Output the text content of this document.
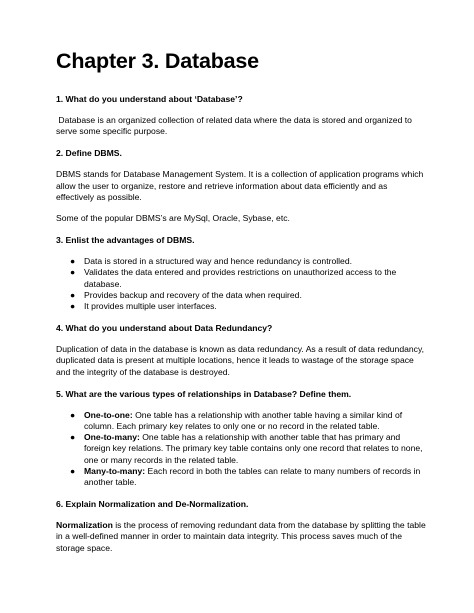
Chapter 3. Database
1. What do you understand about ‘Database’?

Database is an organized collection of related data where the data is stored and organized to serve some specific purpose.

2. Define DBMS.

DBMS stands for Database Management System. It is a collection of application programs which allow the user to organize, restore and retrieve information about data efficiently and as effectively as possible.

Some of the popular DBMS’s are MySql, Oracle, Sybase, etc.

3. Enlist the advantages of DBMS.
● Data is stored in a structured way and hence redundancy is controlled.
● Validates the data entered and provides restrictions on unauthorized access to the database.
● Provides backup and recovery of the data when required.
● It provides multiple user interfaces.
4. What do you understand about Data Redundancy?

Duplication of data in the database is known as data redundancy. As a result of data redundancy, duplicated data is present at multiple locations, hence it leads to wastage of the storage space and the integrity of the database is destroyed.

5. What are the various types of relationships in Database? Define them.
● One-to-one: One table has a relationship with another table having a similar kind of column. Each primary key relates to only one or no record in the related table.
● One-to-many: One table has a relationship with another table that has primary and foreign key relations. The primary key table contains only one record that relates to none, one or many records in the related table.
● Many-to-many: Each record in both the tables can relate to many numbers of records in another table.
6. Explain Normalization and De-Normalization.

Normalization is the process of removing redundant data from the database by splitting the table in a well-defined manner in order to maintain data integrity. This process saves much of the storage space.
